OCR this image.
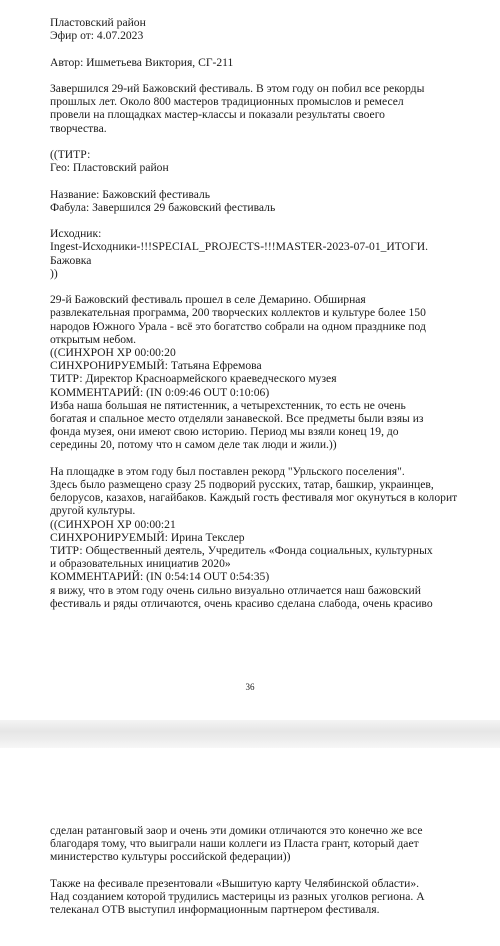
Пластовский район

Эфир от: 4.07.2023

Автор: Ишметьева Виктория, СГ-211

Завершился 29-ий Бажовский фестиваль. В этом году он побил все рекорды

прошлых лет. Около 800 мастеров традиционных промыслов и ремесел

провели на площадках мастер-классы и показали результаты своего

творчества.

((ТИТР:

Гео: Пластовский район

Название: Бажовский фестиваль

Фабула: Завершился 29 бажовский фестиваль

Исходник:

Ingest-Исходники-!!!SPECIAL_PROJECTS-!!!MASTER-2023-07-01_ИТОГИ.

Бажовка

))

29-й Бажовский фестиваль прошел в селе Демарино. Обширная

развлекательная программа, 200 творческих коллектов и культуре более 150

народов Южного Урала - всё это богатство собрали на одном празднике под

открытым небом.

((СИНХРОН ХР 00:00:20

СИНХРОНИРУЕМЫЙ: Татьяна Ефремова

ТИТР: Директор Красноармейского краеведческого музея

КОММЕНТАРИЙ: (IN 0:09:46 OUT 0:10:06)

Изба наша большая не пятистенник, а четырехстенник, то есть не очень

богатая и спальное место отделяли занавеской. Все предметы были взяы из

фонда музея, они имеют свою историю. Период мы взяли конец 19, до

середины 20, потому что н самом деле так люди и жили.))

На площадке в этом году был поставлен рекорд "Урльского поселения".

Здесь было размещено сразу 25 подворий русских, татар, башкир, украинцев,

белорусов, казахов, нагайбаков. Каждый гость фестиваля мог окунуться в колорит

другой культуры.

((СИНХРОН ХР 00:00:21

СИНХРОНИРУЕМЫЙ: Ирина Текслер

ТИТР: Общественный деятель, Учредитель «Фонда социальных, культурных

и образовательных инициатив 2020»

КОММЕНТАРИЙ: (IN 0:54:14 OUT 0:54:35)

я вижу, что в этом году очень сильно визуально отличается наш бажовский

фестиваль и ряды отличаются, очень красиво сделана слабода, очень красиво

36

сделан ратанговый заор и очень эти домики отличаются это конечно же все

благодаря тому, что выиграли наши коллеги из Пласта грант, который дает

министерство культуры российской федерации))

Также на фесивале презентовали «Вышитую карту Челябинской области».

Над созданием которой трудились мастерицы из разных уголков региона. А

телеканал ОТВ выступил информационным партнером фестиваля.
